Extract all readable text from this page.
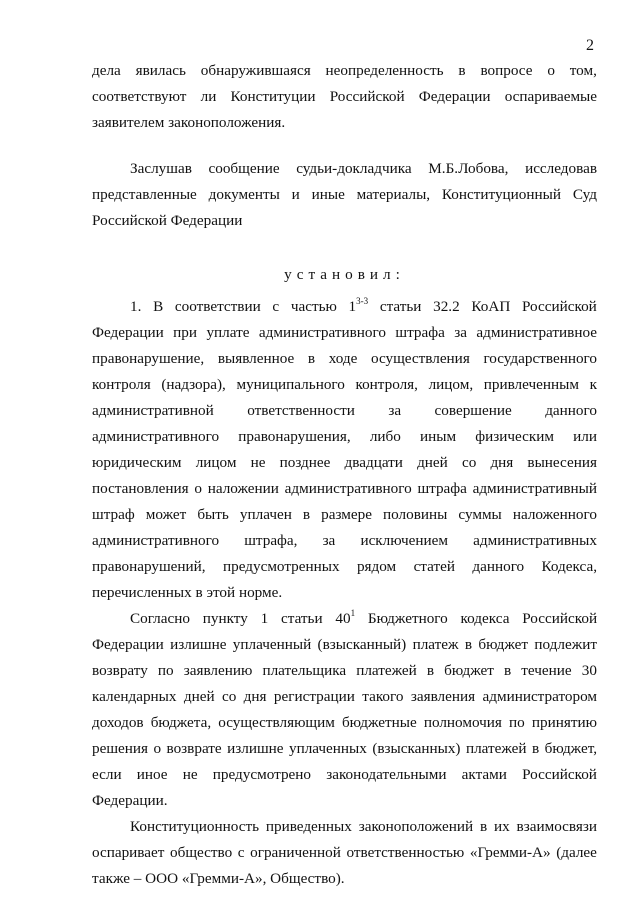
2
дела явилась обнаружившаяся неопределенность в вопросе о том,
соответствуют ли Конституции Российской Федерации оспариваемые
заявителем законоположения.
Заслушав сообщение судьи-докладчика М.Б.Лобова, исследовав
представленные документы и иные материалы, Конституционный Суд
Российской Федерации
установил:
1. В соответствии с частью 1$^{3-3}$ статьи 32.2 КоАП Российской
Федерации при уплате административного штрафа за административное
правонарушение, выявленное в ходе осуществления государственного
контроля (надзора), муниципального контроля, лицом, привлеченным к
административной ответственности за совершение данного
административного правонарушения, либо иным физическим или
юридическим лицом не позднее двадцати дней со дня вынесения
постановления о наложении административного штрафа административный
штраф может быть уплачен в размере половины суммы наложенного
административного штрафа, за исключением административных
правонарушений, предусмотренных рядом статей данного Кодекса,
перечисленных в этой норме.
Согласно пункту 1 статьи $40^1$ Бюджетного кодекса Российской
Федерации излишне уплаченный (взысканный) платеж в бюджет подлежит
возврату по заявлению плательщика платежей в бюджет в течение 30
календарных дней со дня регистрации такого заявления администратором
доходов бюджета, осуществляющим бюджетные полномочия по принятию
решения о возврате излишне уплаченных (взысканных) платежей в бюджет,
если иное не предусмотрено законодательными актами Российской
Федерации.
Конституционность приведенных законоположений в их взаимосвязи
оспаривает общество с ограниченной ответственностью «Гремми-А» (далее
также – ООО «Гремми-А», Общество).
